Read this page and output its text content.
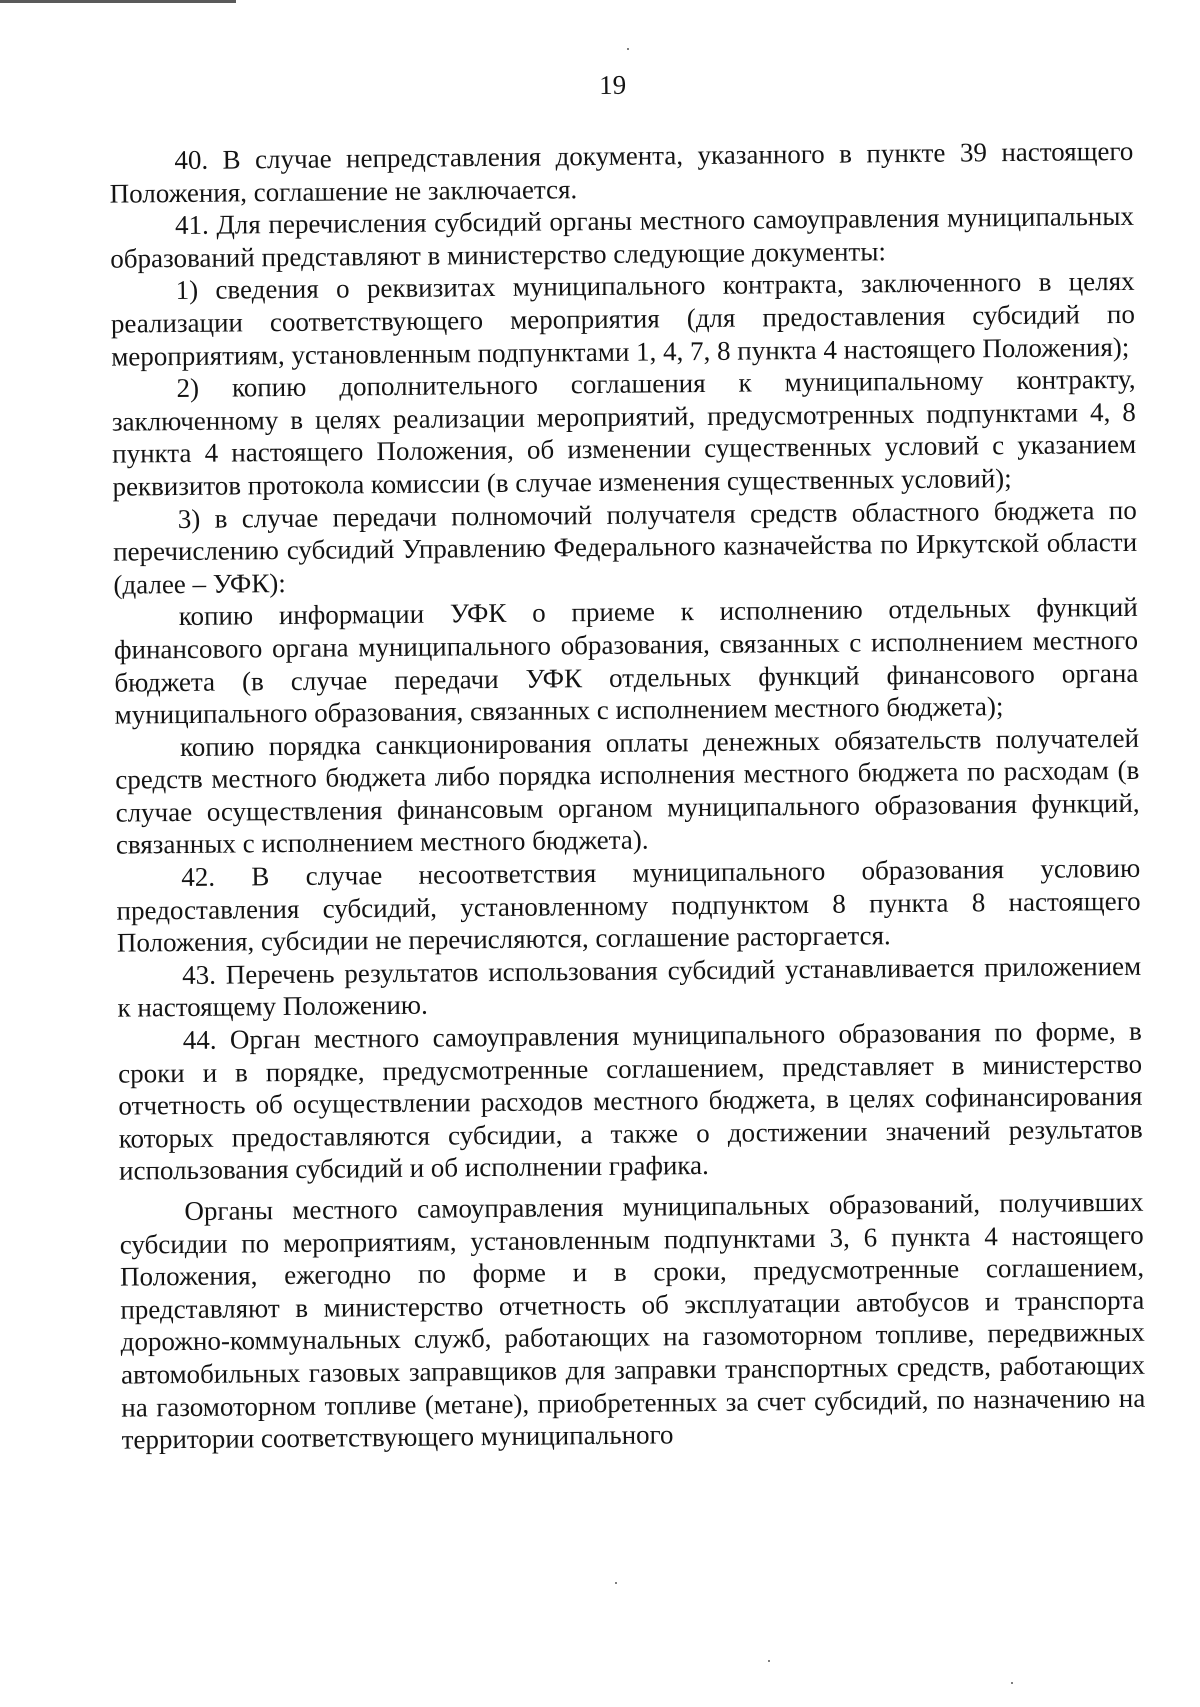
19

40. В случае непредставления документа, указанного в пункте 39 настоящего Положения, соглашение не заключается.

41. Для перечисления субсидий органы местного самоуправления муниципальных образований представляют в министерство следующие документы:

1) сведения о реквизитах муниципального контракта, заключенного в целях реализации соответствующего мероприятия (для предоставления субсидий по мероприятиям, установленным подпунктами 1, 4, 7, 8 пункта 4 настоящего Положения);

2) копию дополнительного соглашения к муниципальному контракту, заключенному в целях реализации мероприятий, предусмотренных подпунктами 4, 8 пункта 4 настоящего Положения, об изменении существенных условий с указанием реквизитов протокола комиссии (в случае изменения существенных условий);

3) в случае передачи полномочий получателя средств областного бюджета по перечислению субсидий Управлению Федерального казначейства по Иркутской области (далее – УФК):

копию информации УФК о приеме к исполнению отдельных функций финансового органа муниципального образования, связанных с исполнением местного бюджета (в случае передачи УФК отдельных функций финансового органа муниципального образования, связанных с исполнением местного бюджета);

копию порядка санкционирования оплаты денежных обязательств получателей средств местного бюджета либо порядка исполнения местного бюджета по расходам (в случае осуществления финансовым органом муниципального образования функций, связанных с исполнением местного бюджета).

42. В случае несоответствия муниципального образования условию предоставления субсидий, установленному подпунктом 8 пункта 8 настоящего Положения, субсидии не перечисляются, соглашение расторгается.

43. Перечень результатов использования субсидий устанавливается приложением к настоящему Положению.

44. Орган местного самоуправления муниципального образования по форме, в сроки и в порядке, предусмотренные соглашением, представляет в министерство отчетность об осуществлении расходов местного бюджета, в целях софинансирования которых предоставляются субсидии, а также о достижении значений результатов использования субсидий и об исполнении графика.

Органы местного самоуправления муниципальных образований, получивших субсидии по мероприятиям, установленным подпунктами 3, 6 пункта 4 настоящего Положения, ежегодно по форме и в сроки, предусмотренные соглашением, представляют в министерство отчетность об эксплуатации автобусов и транспорта дорожно-коммунальных служб, работающих на газомоторном топливе, передвижных автомобильных газовых заправщиков для заправки транспортных средств, работающих на газомоторном топливе (метане), приобретенных за счет субсидий, по назначению на территории соответствующего муниципального
